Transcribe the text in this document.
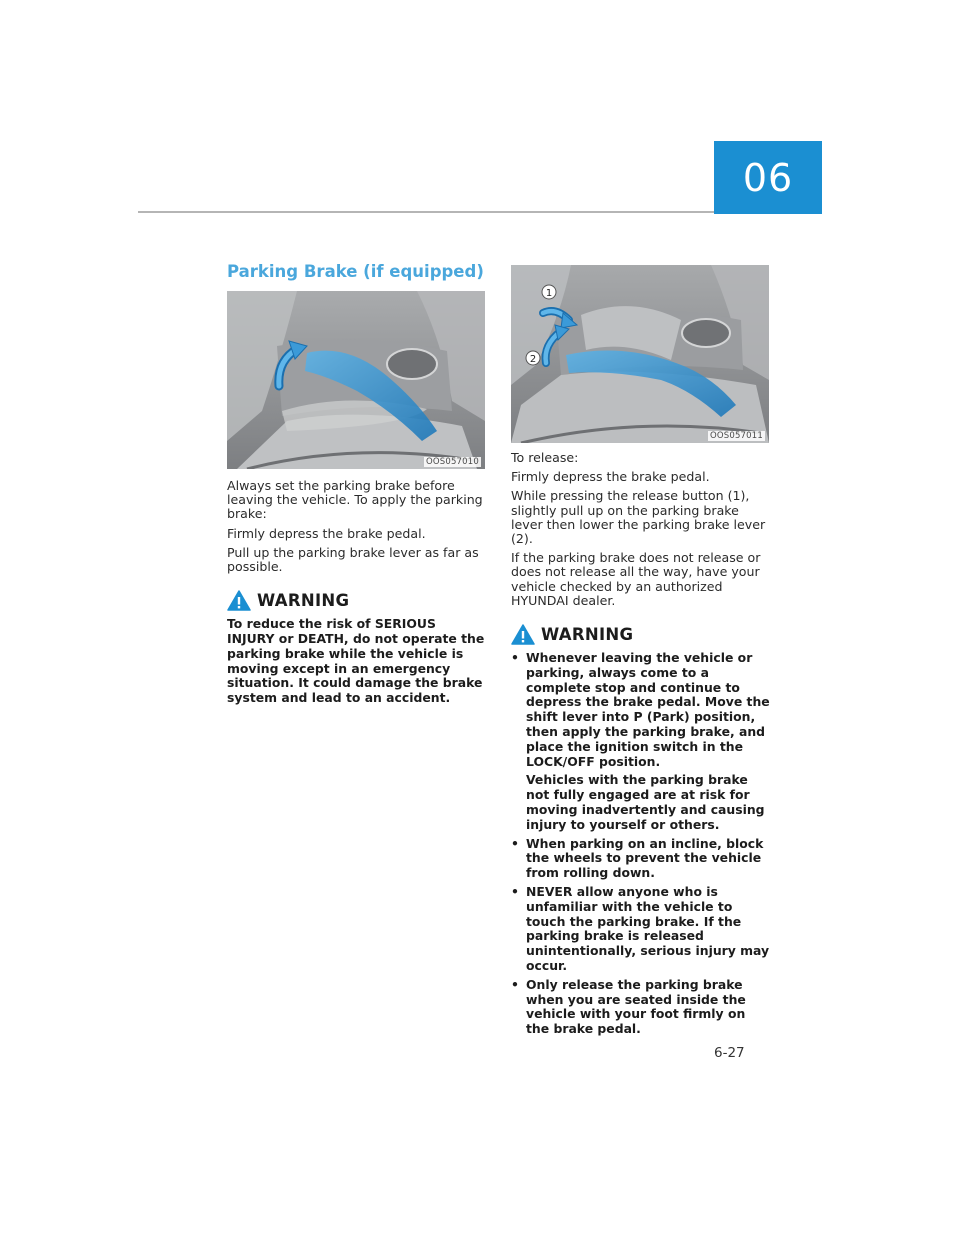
06
Parking Brake (if equipped)
OOS057010

Always set the parking brake before leaving the vehicle. To apply the parking brake:

Firmly depress the brake pedal.

Pull up the parking brake lever as far as possible.

WARNING

To reduce the risk of SERIOUS INJURY or DEATH, do not operate the parking brake while the vehicle is moving except in an emergency situation. It could damage the brake system and lead to an accident.

1
2
OOS057011

To release:

Firmly depress the brake pedal.

While pressing the release button (1), slightly pull up on the parking brake lever then lower the parking brake lever (2).

If the parking brake does not release or does not release all the way, have your vehicle checked by an authorized HYUNDAI dealer.

WARNING
• Whenever leaving the vehicle or parking, always come to a complete stop and continue to depress the brake pedal. Move the shift lever into P (Park) position, then apply the parking brake, and place the ignition switch in the LOCK/OFF position.
Vehicles with the parking brake not fully engaged are at risk for moving inadvertently and causing injury to yourself or others.
• When parking on an incline, block the wheels to prevent the vehicle from rolling down.
• NEVER allow anyone who is unfamiliar with the vehicle to touch the parking brake. If the parking brake is released unintentionally, serious injury may occur.
• Only release the parking brake when you are seated inside the vehicle with your foot firmly on the brake pedal.
6-27
